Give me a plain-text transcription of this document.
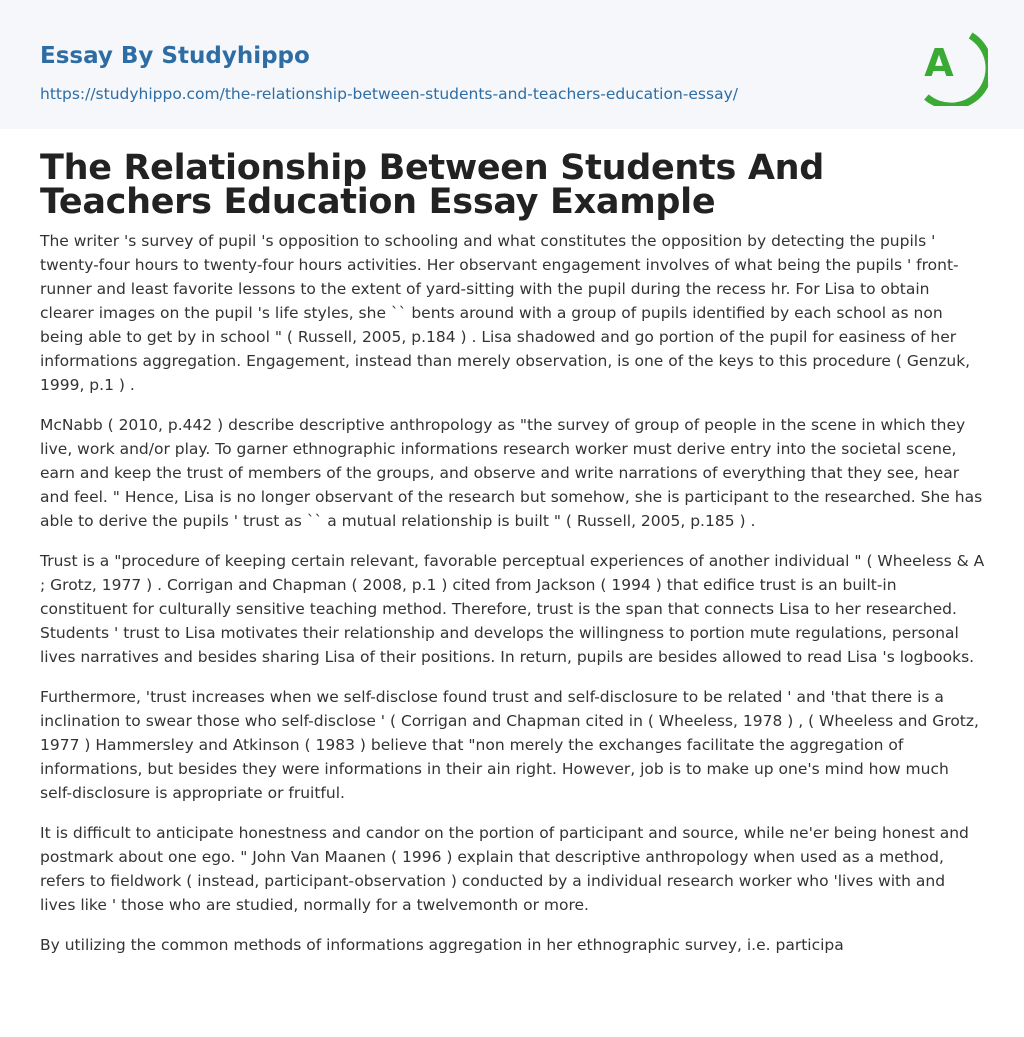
Essay By Studyhippo
https://studyhippo.com/the-relationship-between-students-and-teachers-education-essay/
A
The Relationship Between Students And Teachers Education Essay Example

The writer 's survey of pupil 's opposition to schooling and what constitutes the opposition by detecting the pupils ' twenty-four hours to twenty-four hours activities. Her observant engagement involves of what being the pupils ' front-runner and least favorite lessons to the extent of yard-sitting with the pupil during the recess hr. For Lisa to obtain clearer images on the pupil 's life styles, she `` bents around with a group of pupils identified by each school as non being able to get by in school " ( Russell, 2005, p.184 ) . Lisa shadowed and go portion of the pupil for easiness of her informations aggregation. Engagement, instead than merely observation, is one of the keys to this procedure ( Genzuk, 1999, p.1 ) .

McNabb ( 2010, p.442 ) describe descriptive anthropology as "the survey of group of people in the scene in which they live, work and/or play. To garner ethnographic informations research worker must derive entry into the societal scene, earn and keep the trust of members of the groups, and observe and write narrations of everything that they see, hear and feel. " Hence, Lisa is no longer observant of the research but somehow, she is participant to the researched. She has able to derive the pupils ' trust as `` a mutual relationship is built " ( Russell, 2005, p.185 ) .

Trust is a "procedure of keeping certain relevant, favorable perceptual experiences of another individual " ( Wheeless & A ; Grotz, 1977 ) . Corrigan and Chapman ( 2008, p.1 ) cited from Jackson ( 1994 ) that edifice trust is an built-in constituent for culturally sensitive teaching method. Therefore, trust is the span that connects Lisa to her researched. Students ' trust to Lisa motivates their relationship and develops the willingness to portion mute regulations, personal lives narratives and besides sharing Lisa of their positions. In return, pupils are besides allowed to read Lisa 's logbooks.

Furthermore, 'trust increases when we self-disclose found trust and self-disclosure to be related ' and 'that there is a inclination to swear those who self-disclose ' ( Corrigan and Chapman cited in ( Wheeless, 1978 ) , ( Wheeless and Grotz, 1977 ) Hammersley and Atkinson ( 1983 ) believe that "non merely the exchanges facilitate the aggregation of informations, but besides they were informations in their ain right. However, job is to make up one's mind how much self-disclosure is appropriate or fruitful.

It is difficult to anticipate honestness and candor on the portion of participant and source, while ne'er being honest and postmark about one ego. " John Van Maanen ( 1996 ) explain that descriptive anthropology when used as a method, refers to fieldwork ( instead, participant-observation ) conducted by a individual research worker who 'lives with and lives like ' those who are studied, normally for a twelvemonth or more.

By utilizing the common methods of informations aggregation in her ethnographic survey, i.e. participa
